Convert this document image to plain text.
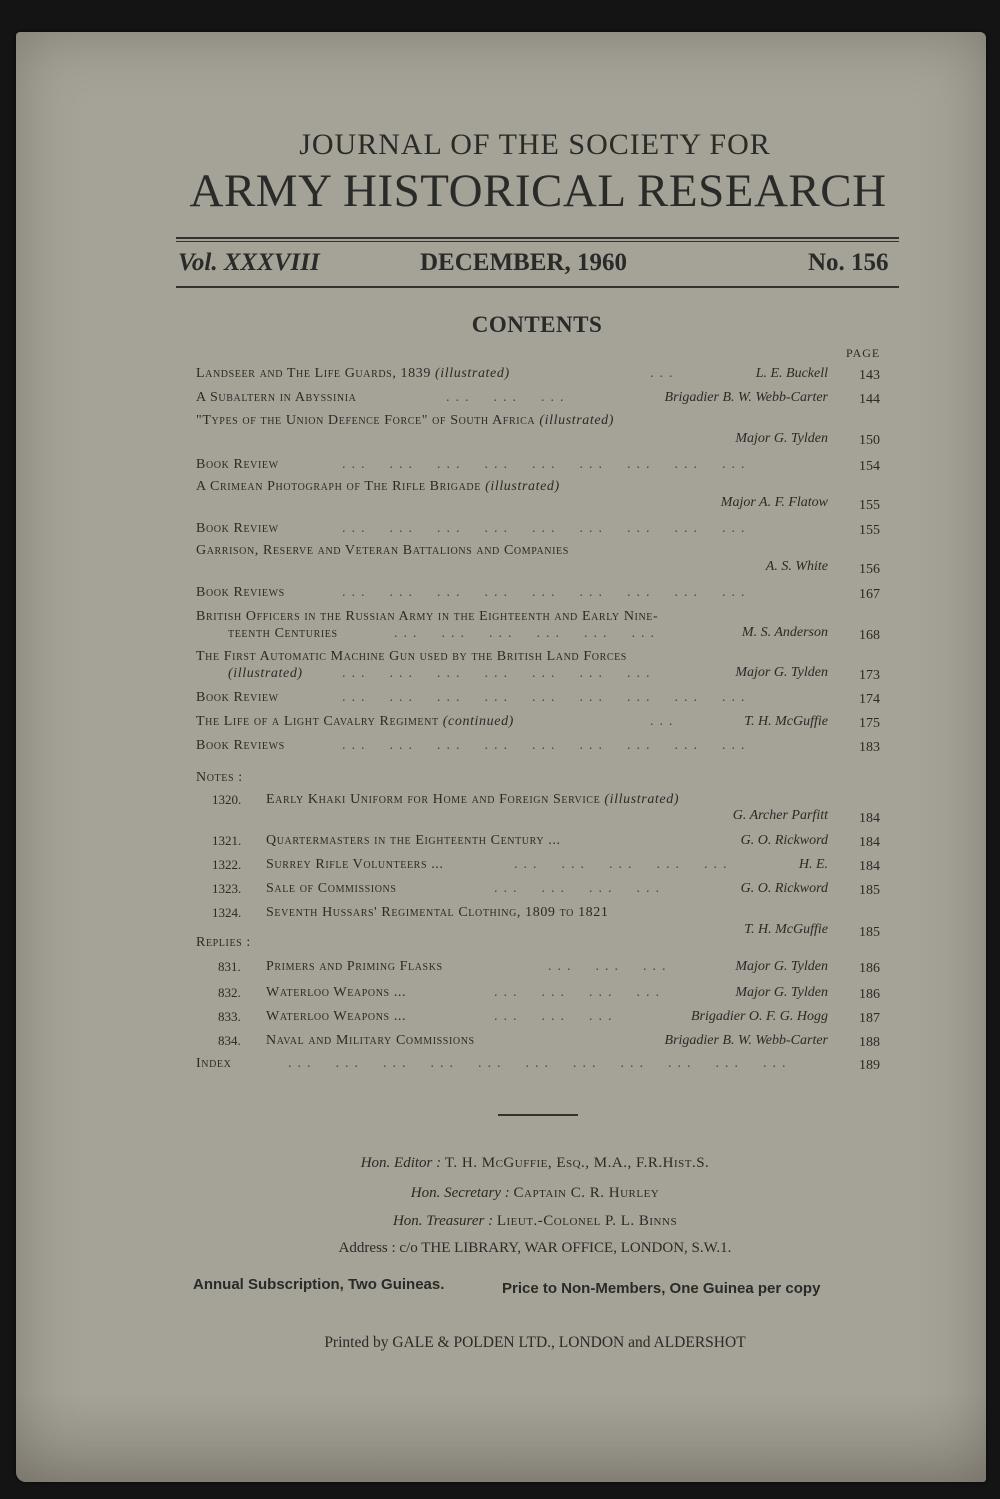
JOURNAL OF THE SOCIETY FOR
ARMY HISTORICAL RESEARCH
Vol. XXXVIII	DECEMBER, 1960	No. 156
CONTENTS
PAGE
Landseer and The Life Guards, 1839 (illustrated)	...	L. E. Buckell 143
A Subaltern in Abyssinia	...  ...  ...	Brigadier B. W. Webb-Carter 144
"Types of the Union Defence Force" of South Africa (illustrated)
Major G. Tylden 150
Book Review	...  ...  ...  ...  ...  ...  ...  ...  ...	154
A Crimean Photograph of The Rifle Brigade (illustrated)
Major A. F. Flatow 155
Book Review	...  ...  ...  ...  ...  ...  ...  ...  ...	155
Garrison, Reserve and Veteran Battalions and Companies
A. S. White 156
Book Reviews	...  ...  ...  ...  ...  ...  ...  ...  ...	167
British Officers in the Russian Army in the Eighteenth and Early Nine-
teenth Centuries	...  ...  ...  ...  ...  ...	M. S. Anderson 168
The First Automatic Machine Gun used by the British Land Forces
(illustrated)	...  ...  ...  ...  ...  ...  ...	Major G. Tylden 173
Book Review	...  ...  ...  ...  ...  ...  ...  ...  ...	174
The Life of a Light Cavalry Regiment (continued)	...	T. H. McGuffie 175
Book Reviews	...  ...  ...  ...  ...  ...  ...  ...  ...	183
Notes :
1320. Early Khaki Uniform for Home and Foreign Service (illustrated)
G. Archer Parfitt 184
1321. Quartermasters in the Eighteenth Century ...	G. O. Rickword 184
1322. Surrey Rifle Volunteers ...	...  ...  ...  ...  ...	H. E. 184
1323. Sale of Commissions	...  ...  ...  ...	G. O. Rickword 185
1324. Seventh Hussars' Regimental Clothing, 1809 to 1821
T. H. McGuffie 185
Replies :
831. Primers and Priming Flasks	...  ...  ...	Major G. Tylden 186
832. Waterloo Weapons ...	...  ...  ...  ...	Major G. Tylden 186
833. Waterloo Weapons ...	...  ...  ...	Brigadier O. F. G. Hogg 187
834. Naval and Military Commissions	Brigadier B. W. Webb-Carter 188
Index	...  ...  ...  ...  ...  ...  ...  ...  ...  ...  ...	189
Hon. Editor : T. H. McGuffie, Esq., M.A., F.R.Hist.S.
Hon. Secretary : Captain C. R. Hurley
Hon. Treasurer : Lieut.-Colonel P. L. Binns
Address : c/o THE LIBRARY, WAR OFFICE, LONDON, S.W.1.
Annual Subscription, Two Guineas.	Price to Non-Members, One Guinea per copy
Printed by GALE & POLDEN LTD., LONDON and ALDERSHOT
